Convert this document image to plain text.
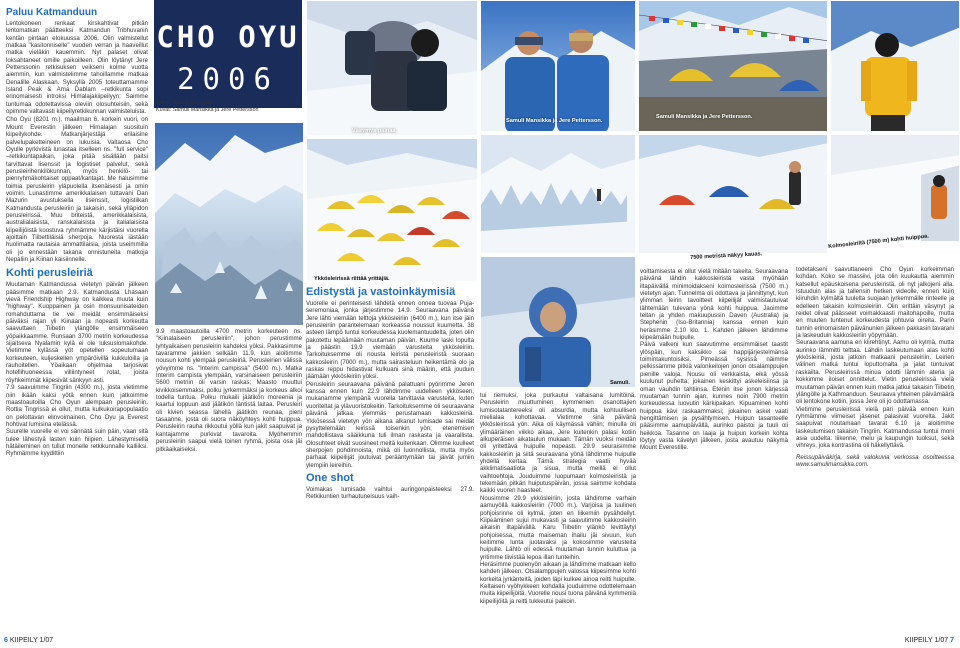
Paluu Katmanduun

Lentokoneen renkaat kirskahtivat pitkän lentomatkan päätteeksi Katmandun Tribhuvanin kentän pintaan elokuussa 2006. Olin valmistellut matkaa "kasitonniselle" vuoden verran ja haaveillut matka vieläkin kauemmin. Nyt palaset olivat loksahtaneet omille paikoilleen. Olin löytänyt Jere Petterssonin retkisuksen veikseni kolme vuotta aiemmin, kun valmistelimme tahoillamme matkaa Denalille Alaskaan. Syksyllä 2005 toteuttamamme Island Peak & Ama Dablam –retkikunta sopi erinomaisesti introksi Himalajakiipeilyyn; Saimme tuntumaa odotettavissa oleviin olosuhteisiin, sekä opimme valtavasti kiipeilyretkikunnan valmisteluista.

Cho Oyu (8201 m.), maailman 6. korkein vuori, on Mount Everestin jälkeen Himalajan suosituin kiipeilykohde. Matkanjärjestäjä erilaisine palvelupaketteineen on lukuisia. Valtaosa Cho Oyulle pyrkivistä lunastaa itselleen ns. "full service" –retkikuntapaikan, joka pitää sisällään paitsi tarvittavat lisenssit ja logistiset palvelut, sekä perusleirihenkilökunnan, myös henkilö- tai pienryhmäkohtaiset oppaat/kantajat. Me halusimme toimia perusleirin yläpuolella itsenäisesti ja omin voimin. Lunastimme amerikkalaisen tuttavani Dan Mazurin avustuksella lisenssit, logistiikan Katmandusta perusleiriin ja takaisin, sekä ylläpidon perusleirissä. Muu briteistä, amerikkalaisista, australialaisista, ranskalaisista ja italialaisista kiipeilijöistä koostuva ryhmämme kärjistäisi vuorella ajoittain Tiibettiläisiä sherpoja. Nuoresta iästään huolimatta rautaisia ammattilaisia, joista useimmilla oli jo ennestään takana onnistuneita matkoja Nepaliin ja Kiinan kaisiinnelle.

Kohti perusleiriä

Muutaman Katmandussa vietetyn päivän jälkeen pääsimme matkaan 2.9. Katmandusta Lhasaan vievä Friendship Highway on kaikkea muuta kuin "highway". Kuoppainen ja osin monsuunisateiden romahduttama tie vei meidät ensimmäiseksi päiväksi rajan yli Kiinaan ja nopeasti korkeutta saavuttaen Tiibetin ylängölle ensimmäiseen yöpaikkaamme. Runsaan 3700 metrin korkeudessa sijaitseva Nyalamin kylä ei ole luksuslomakohde. Vietimme kylässä yöt opetellen sopeutumaan korkeuteen, kuljeskellen ympäröivillä kukkuloilla ja rauhoitellen. Yöaikaan ohjelmaa tarjosivat hotellihuoneessa villiintyneet rotat, joista röyhkeimmät kiipesivät sänkyyn asti.

7.9 saavuimme Tingriin (4300 m.), josta vietimme niin ikään kaksi yötä ennen kuin jatkoimme maastoautoilla Cho Oyun alempaan perusleiriin. Rottia Tingrissä ei ollut, mutta kulkukoirapopulaatio on pelottavan elinvoimainen. Cho Oyu ja Everest hohtivat lumisina etelässä.

Suurelle vuorelle ei voi sännätä suin päin, vaan sitä tulee lähestyä lasten kuin hiipien. Lähestymisellä hätäileminen on tullut monelle retkikunnalle kalliiksi. Ryhmämme kyydittiin

CHO OYU
2006
Teksti: Samuli Mansikka
Kuvat: Samuli Mansikka ja Jere Pettersson

9.9 maastoautoilla 4700 metrin korkeuteen ns. "Kiinalaiseen perusleiriin", johon perustimme lyhtyaikaisen perusleirin kahdeksi yöksi. Pakkasimme tavaramme jakkien selkään 11.9, kun aloitimme nousun kohti ylempää perusleiriä. Perusleirien välissä yövyimme ns. "Interim campissa" (5400 m.). Matka Interim campista ylempään, varsinaiseen perusleiriin 5600 metriin oli varsin raskas; Maasto muuttui kivikkoisemmaksi, polku jyrkemmäksi ja korkeus alkoi todella tuntua. Polku mukaili jäätikön moreenia ja kaartui loppuun asti jäätikön läntistä laitaa. Perusleiri oli kivien seassa lähellä jäätikön reunaa, pieni tasaanne, josta oli suora näköyhteys kohti huippua. Perusleirin rauha rikkoutui yöllä kun jakit saapuivat ja kantajamme purkivat tavaroita. Myöhemmin perusleiriin saapui vielä toinen ryhmä, joista osa jäi pitkäaikaiseksi.

Väsymys painaa.
Ykkösleirissä riittää yrittäjiä.
Edistystä ja vastoinkäymisiä

Vuorelle ei perinteisesti lähdetä ennen onnea tuovaa Puja-seremoniaa, jonka järjestimme 14.9. Seuraavana päivänä Jere lähti viemään telttoja ykkösleiriin (6400 m.), kun itse jäin perusleiriin parantelemaan korkeassa noussut kuumetta. 38 asteen lämpö tuntui korkeudessa kuolemantuudelta, joten olin pakotettu lepäämään muutaman päivän. Kuume laski lopulta ja päästin 19.9 viemään varusteita ykkösleiriin. Tarkoituksemme oli nousta leiristä perusleiristä suoraan kakkosleirin (7000 m.), mutta sairasteluun heikentämä olo ja raskas reppu hidastivat kulkuani sinä määrin, että jouduin jäämään ykkösleiriin yöksi.

Perusleirin seuraavana päivänä palattuani pyörimme Jeren kanssa ennen kuin 22.9 lähdimme uudelleen ykköseen, mukanamme ylempänä vuorella tarvittavia varusteita, kuten vuoriteltat ja ylävuoristokeitin. Tarkoituksemme oli seuraavana päivänä jatkaa ylemmäs perustamaan kakkosleiriä. Ykkösessä vietetyn yön aikana alkanut lumisade sai meidät pysyttelemään leirissä toisenkin yön; etenemisen mahdollistava sääikkuna tuli ilman raskasta ja vaarallista. Olosuhteet eivät suosineet meitä kuitenkaan. Olimme kuulleet sherpojen pohdinnoista, mikä oli luonnollista, mutta myös parhaat kiipeilijät joutuivat perääntymään tai jäivät jumiin ylempiin leireihin.

One shot

Voimakas lumisade vaihtui auringonpaisteeksi 27.9. Retkikuntien turhautuneisuus vaih-

6 KIIPEILY 1/07
Samuli Mansikka ja Jere Pettersson.
Samuli Mansikka ja Jere Pettersson.
7500 metristä näkyy kauas.
Kolmosleiriltä (7500 m) kohti huippua.
Samuli.

tui riemuksi, joka purkautui valtaisana lumitöinä. Perusleirin muuttuminen kymmenien osanottajien lumisotatantereeksi oli absurdia, mutta kohtuullisen mielialaa kohottavaa. Vietimme sinä päivänä ykkösleirissä yön. Aika oli käymässä vähiin; minulla oli ylimääräinen viikko aikaa, Jere kuitenkin palasi kotiin alkuperäisen aikataulun mukaan. Tämän vuoksi meidän oli yritettävä huipulle nopeasti. 29.9 seuraisimme kakkosleiriin ja siitä seuraavana yönä lähdimme huipulle yhdellä kertaa. Tämä strategia vaatii hyvää akklimatisaatiota ja sisua, mutta meillä ei ollut vaihtoehtoja. Jouduimme luopumaan kolmosleiristä ja tekemään pitkän huiputuspäivän, jossa saimme kohdata kaikki vuoren haasteet.

Nousimme 29.9 ykkösleiriin, josta lähdimme varhain aamuyöllä kakkosleiriin (7000 m.). Varjoisa ja tuulinen pohjoisrinne oli kylmä, joten en liikemiin pysähdellyt. Kiipeäminen sujui mukavasti ja saavutimme kakkosleirin aikaisin iltapäivällä. Karu Tiibetin ylänkö levittäytyi pohjoisessa, mutta maiseman ihailu jäi sivuun, kun keitimme lunta juotavaksi ja kokosimme varusteita huipulle. Lähtö oli edessä muutaman tunnin kuluttua ja yritimme tiivistää lepoa illan tunteihin.

Heräsimme puolenyön aikaan ja lähdimme matkaan kello kahden jälkeen. Otsalamppujen valossa kiipesimme kohti korkeita jyrkänteitä, joiden läpi kulkee ainoa reitti huipulle. Keltaisen vyöhykkeen kohdalla jouduimme odottelemaan muita kiipeilijöitä. Vuorelle nousi tuona päivänä kymmeniä kiipeilijöitä ja reitti tukkeutui paikoin.

voittamisesta ei ollut vielä mitään takeita. Seuraavana päivänä lähdin kakkosleiristä vasta myöhään iltapäivällä minimoidakseni kolmosleirissä (7500 m.) vietetyn ajan. Tunnelma oli odottava ja jännittynyt, kun ylimman leirin tavoitteet kiipeilijät valmistautuivat lähtemään tulevana yönä kohti huippua. Jaoimme teltan ja yhden makuupussin Daven (Australia) ja Stephenin (Iso-Britannia) kanssa ennen kuin heräsimme 2.10 klo. 1. Kahden jäikeen lähdimme kiipeämään huipulle.

Päivä valkeni kun saavutimme ensimmäiset taastit ylöspäin, kun kaksikko sai happijärjestelmänsä toimintakuntoisiksi. Pimeässä sysissä näimme pelkissämme pitkiä valonkeilojen jonon otsalamppujen pienille valoja. Nousu oli verkkaista, eikä yössä kuulunut puhetta; jokainen keskittyi askeleisiinsa ja oman vauhdin tahtiinsa. Etenin itse jonon kärjessä muutaman tunnin ajan, kunnes noin 7900 metrin korkeudessa luovutin kärkipaikan. Kipuaminen kohti huippua kävi raskaammaksi; jokainen askel vaati hengittämisen ja pysähtymisen. Huipun tasanteelle pääsimme aamupäivällä, aurinko paistoi ja tuuli oli heikkoa. Tasanne on laaja ja huipun korkein kohta löytyy vasta kävelyn jälkeen, josta avautuu näkymä Mount Everestille.

todetakseni saavuttaneeni Cho Oyun korkeimman kohdan. Koko se massiivi, jota olin kuukautta aiemmin katsellut epäuskoisena perusleiristä, oli nyt jalkojeni alla. Istuuduin alas ja tallensin hetken videolle, ennen kuin kiiruhdin kylmältä tuulelta suojaan jyrkemmälle rinteelle ja edelleen takaisin kolmosleiriin. Olin erittäin väsynyt ja reidet olivat päässeet voimakkaasti maitohapoille, mutta en muuten tuntenut korkeudesta johtuvia oireita. Parin tunnin erinomaisten päivänunien jälkeen pakkasin tavarani ja laskeuduin kakkosleiriin yöpymään.

Seuraavana aamuna en kiirehtinyt. Aamu oli kylmä, mutta aurinko lämmitti telttaa. Lähdin laskeutumaan alas kohti ykkösleiriä, josta jatkoin matkaani perusleiriin. Leirien välinen matka tuntui loputtomalta ja jalat tuntuivat raskailta. Perusleirissä minua odotti lämmin ateria ja kokkimme iloiset onnittelut. Vietin perusleirissä vielä muutaman päivän ennen kuin matka jatkui takaisin Tiibetin ylängölle ja Kathmanduun. Seuraava yhteinen päivämäärä oli lentokone kotiin, jossa Jere oli jo odottamassa.

Vietimme perusleirissä vielä pari päivää ennen kuin ryhmämme viimeiset jäsenet palasivat vuorelta. Jakit saapuivat noutamaan tavarat 6.10 ja aloitimme laskeutumisen takaisin Tingriin. Katmandussa tuntui moni asia uudelta: liikenne, melu ja kaupungin tuoksut, sekä vihreys, joka kontrastina oli häkellyttävä.

Reissupäiväkirja, sekä valokuvia verkossa osoitteessa www.samulimansikka.com.

KIIPEILY 1/07 7
